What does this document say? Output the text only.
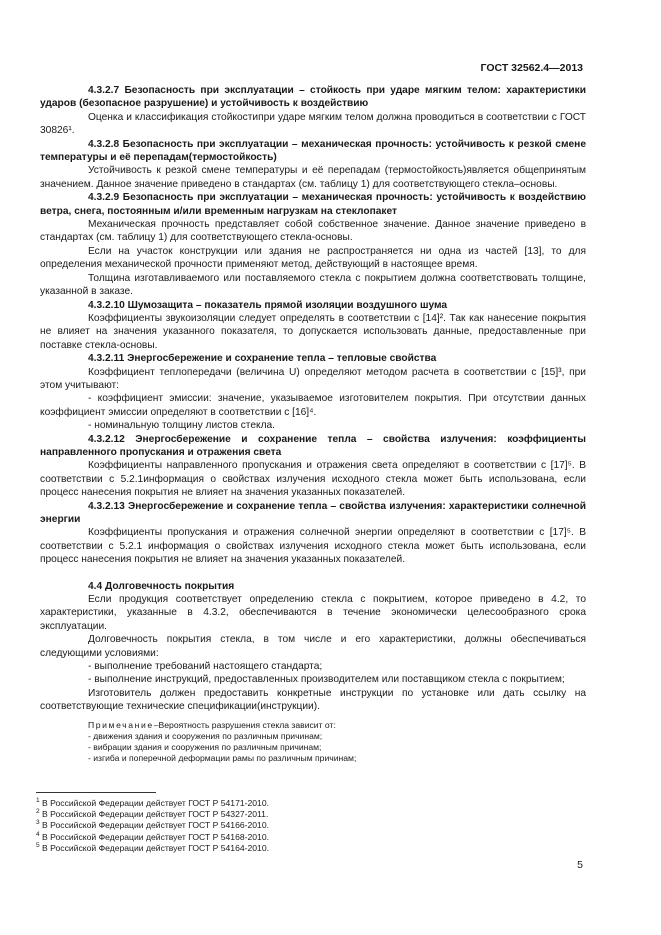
ГОСТ 32562.4—2013

4.3.2.7 Безопасность при эксплуатации – стойкость при ударе мягким телом: характеристики ударов (безопасное разрушение) и устойчивость к воздействию

Оценка и классификация стойкостипри ударе мягким телом должна проводиться в соответствии с ГОСТ 30826¹.

4.3.2.8 Безопасность при эксплуатации – механическая прочность: устойчивость к резкой смене температуры и её перепадам(термостойкость)

Устойчивость к резкой смене температуры и её перепадам (термостойкость)является общепринятым значением. Данное значение приведено в стандартах (см. таблицу 1) для соответствующего стекла–основы.

4.3.2.9 Безопасность при эксплуатации – механическая прочность: устойчивость к воздействию ветра, снега, постоянным и/или временным нагрузкам на стеклопакет

Механическая прочность представляет собой собственное значение. Данное значение приведено в стандартах (см. таблицу 1) для соответствующего стекла-основы.

Если на участок конструкции или здания не распространяется ни одна из частей [13], то для определения механической прочности применяют метод, действующий в настоящее время.

Толщина изготавливаемого или поставляемого стекла с покрытием должна соответствовать толщине, указанной в заказе.

4.3.2.10 Шумозащита – показатель прямой изоляции воздушного шума

Коэффициенты звукоизоляции следует определять в соответствии с [14]². Так как нанесение покрытия не влияет на значения указанного показателя, то допускается использовать данные, предоставленные при поставке стекла-основы.

4.3.2.11 Энергосбережение и сохранение тепла – тепловые свойства

Коэффициент теплопередачи (величина U) определяют методом расчета в соответствии с [15]³, при этом учитывают:

- коэффициент эмиссии: значение, указываемое изготовителем покрытия. При отсутствии данных коэффициент эмиссии определяют в соответствии с [16]⁴.

- номинальную толщину листов стекла.

4.3.2.12 Энергосбережение и сохранение тепла – свойства излучения: коэффициенты направленного пропускания и отражения света

Коэффициенты направленного пропускания и отражения света определяют в соответствии с [17]⁵. В соответствии с 5.2.1информация о свойствах излучения исходного стекла может быть использована, если процесс нанесения покрытия не влияет на значения указанных показателей.

4.3.2.13 Энергосбережение и сохранение тепла – свойства излучения: характеристики солнечной энергии

Коэффициенты пропускания и отражения солнечной энергии определяют в соответствии с [17]⁵. В соответствии с 5.2.1 информация о свойствах излучения исходного стекла может быть использована, если процесс нанесения покрытия не влияет на значения указанных показателей.

4.4 Долговечность покрытия

Если продукция соответствует определению стекла с покрытием, которое приведено в 4.2, то характеристики, указанные в 4.3.2, обеспечиваются в течение экономически целесообразного срока эксплуатации.

Долговечность покрытия стекла, в том числе и его характеристики, должны обеспечиваться следующими условиями:

- выполнение требований настоящего стандарта;

- выполнение инструкций, предоставленных производителем или поставщиком стекла с покрытием;

Изготовитель должен предоставить конкретные инструкции по установке или дать ссылку на соответствующие технические спецификации(инструкции).

Примечание–Вероятность разрушения стекла зависит от:
- движения здания и сооружения по различным причинам;
- вибрации здания и сооружения по различным причинам;
- изгиба и поперечной деформации рамы по различным причинам;
$^1$ В Российской Федерации действует ГОСТ Р 54171-2010.
$^2$ В Российской Федерации действует ГОСТ Р 54327-2011.
$^3$ В Российской Федерации действует ГОСТ Р 54166-2010.
$^4$ В Российской Федерации действует ГОСТ Р 54168-2010.
$^5$ В Российской Федерации действует ГОСТ Р 54164-2010.
5
